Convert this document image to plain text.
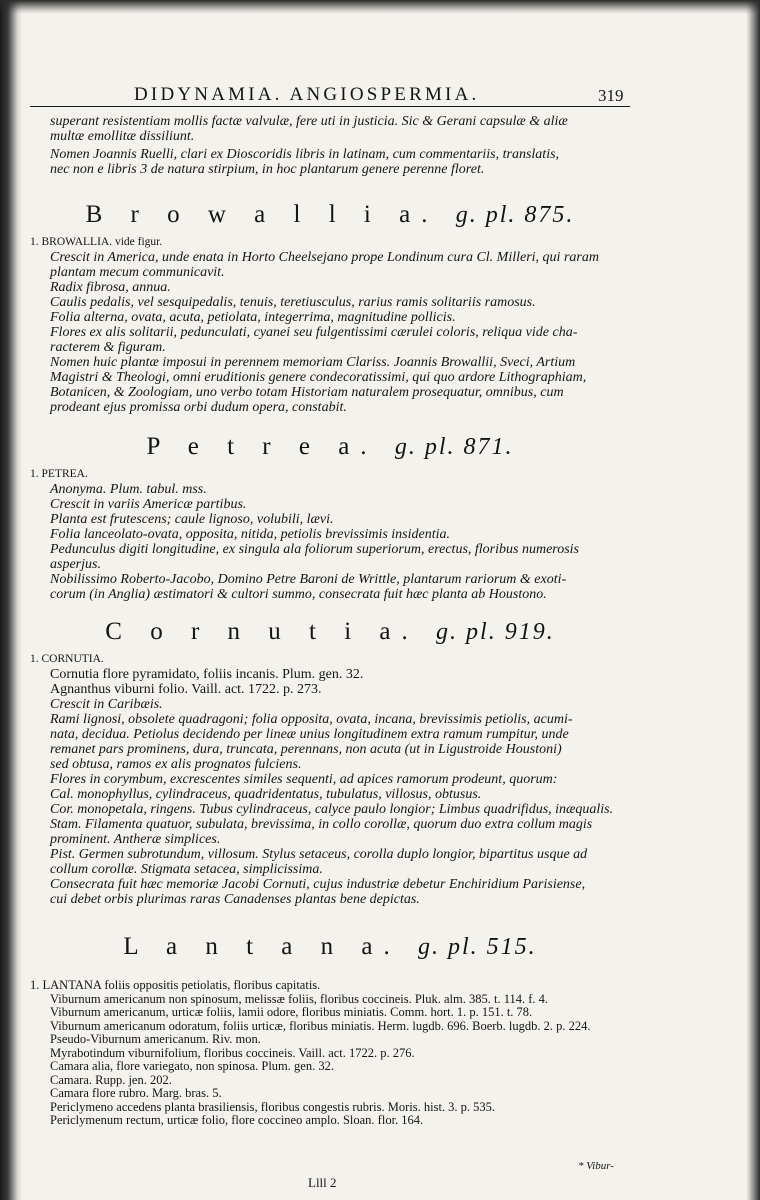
DIDYNAMIA. ANGIOSPERMIA.	319

superant resistentiam mollis factæ valvulæ, fere uti in justicia. Sic & Gerani capsulæ & aliæ

multæ emollitæ dissiliunt.

Nomen Joannis Ruelli, clari ex Dioscoridis libris in latinam, cum commentariis, translatis,

nec non e libris 3 de natura stirpium, in hoc plantarum genere perenne floret.

B r o w a l l i a. g. pl. 875.

1. BROWALLIA. vide figur.

Crescit in America, unde enata in Horto Cheelsejano prope Londinum cura Cl. Milleri, qui raram

plantam mecum communicavit.

Radix fibrosa, annua.

Caulis pedalis, vel sesquipedalis, tenuis, teretiusculus, rarius ramis solitariis ramosus.

Folia alterna, ovata, acuta, petiolata, integerrima, magnitudine pollicis.

Flores ex alis solitarii, pedunculati, cyanei seu fulgentissimi cærulei coloris, reliqua vide cha-

racterem & figuram.

Nomen huic plantæ imposui in perennem memoriam Clariss. Joannis Browallii, Sveci, Artium

Magistri & Theologi, omni eruditionis genere condecoratissimi, qui quo ardore Lithographiam,

Botanicen, & Zoologiam, uno verbo totam Historiam naturalem prosequatur, omnibus, cum

prodeant ejus promissa orbi dudum opera, constabit.

P e t r e a. g. pl. 871.

1. PETREA.

Anonyma. Plum. tabul. mss.

Crescit in variis Americæ partibus.

Planta est frutescens; caule lignoso, volubili, lævi.

Folia lanceolato-ovata, opposita, nitida, petiolis brevissimis insidentia.

Pedunculus digiti longitudine, ex singula ala foliorum superiorum, erectus, floribus numerosis

asperjus.

Nobilissimo Roberto-Jacobo, Domino Petre Baroni de Writtle, plantarum rariorum & exoti-

corum (in Anglia) æstimatori & cultori summo, consecrata fuit hæc planta ab Houstono.

C o r n u t i a. g. pl. 919.

1. CORNUTIA.

Cornutia flore pyramidato, foliis incanis. Plum. gen. 32.

Agnanthus viburni folio. Vaill. act. 1722. p. 273.

Crescit in Caribæis.

Rami lignosi, obsolete quadragoni; folia opposita, ovata, incana, brevissimis petiolis, acumi-

nata, decidua. Petiolus decidendo per lineæ unius longitudinem extra ramum rumpitur, unde

remanet pars prominens, dura, truncata, perennans, non acuta (ut in Ligustroide Houstoni)

sed obtusa, ramos ex alis prognatos fulciens.

Flores in corymbum, excrescentes similes sequenti, ad apices ramorum prodeunt, quorum:

Cal. monophyllus, cylindraceus, quadridentatus, tubulatus, villosus, obtusus.

Cor. monopetala, ringens. Tubus cylindraceus, calyce paulo longior; Limbus quadrifidus, inæqualis.

Stam. Filamenta quatuor, subulata, brevissima, in collo corollæ, quorum duo extra collum magis

prominent. Antheræ simplices.

Pist. Germen subrotundum, villosum. Stylus setaceus, corolla duplo longior, bipartitus usque ad

collum corollæ. Stigmata setacea, simplicissima.

Consecrata fuit hæc memoriæ Jacobi Cornuti, cujus industriæ debetur Enchiridium Parisiense,

cui debet orbis plurimas raras Canadenses plantas bene depictas.

L a n t a n a. g. pl. 515.

1. LANTANA foliis oppositis petiolatis, floribus capitatis.

Viburnum americanum non spinosum, melissæ foliis, floribus coccineis. Pluk. alm. 385. t. 114. f. 4.

Viburnum americanum, urticæ foliis, lamii odore, floribus miniatis. Comm. hort. 1. p. 151. t. 78.

Viburnum americanum odoratum, foliis urticæ, floribus miniatis. Herm. lugdb. 696. Boerb. lugdb. 2. p. 224.

Pseudo-Viburnum americanum. Riv. mon.

Myrabotindum viburnifolium, floribus coccineis. Vaill. act. 1722. p. 276.

Camara alia, flore variegato, non spinosa. Plum. gen. 32.

Camara. Rupp. jen. 202.

Camara flore rubro. Marg. bras. 5.

Periclymeno accedens planta brasiliensis, floribus congestis rubris. Moris. hist. 3. p. 535.

Periclymenum rectum, urticæ folio, flore coccineo amplo. Sloan. flor. 164.

* Vibur-
Llll 2
